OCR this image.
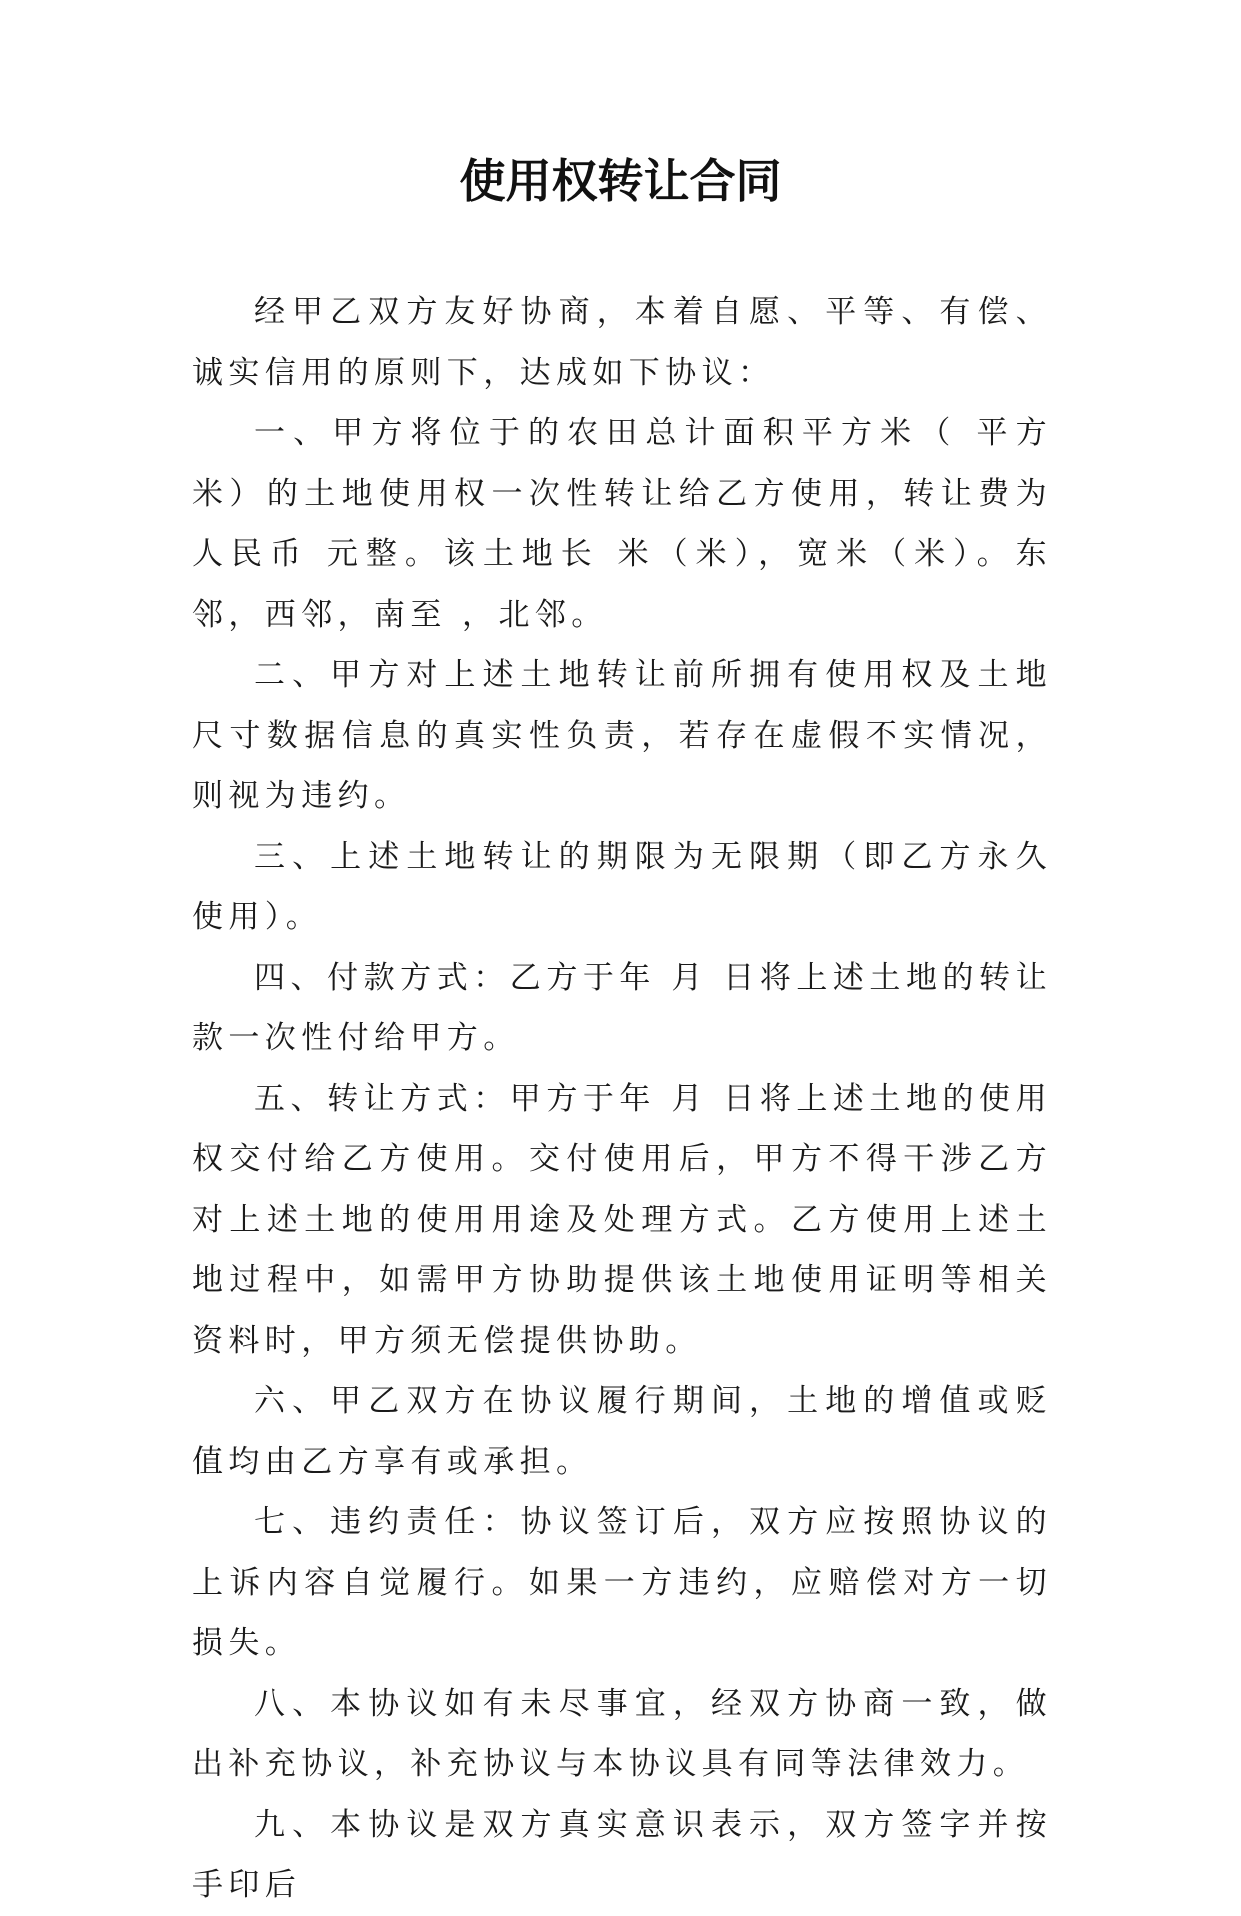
使用权转让合同

经甲乙双方友好协商，本着自愿、平等、有偿、诚实信用的原则下，达成如下协议：

一、甲方将位于的农田总计面积平方米（ 平方米）的土地使用权一次性转让给乙方使用，转让费为人民币 元整。该土地长 米（米），宽米（米）。东邻，西邻，南至 ，北邻。

二、甲方对上述土地转让前所拥有使用权及土地尺寸数据信息的真实性负责，若存在虚假不实情况，则视为违约。

三、上述土地转让的期限为无限期（即乙方永久使用）。

四、付款方式：乙方于年 月 日将上述土地的转让款一次性付给甲方。

五、转让方式：甲方于年 月 日将上述土地的使用权交付给乙方使用。交付使用后，甲方不得干涉乙方对上述土地的使用用途及处理方式。乙方使用上述土地过程中，如需甲方协助提供该土地使用证明等相关资料时，甲方须无偿提供协助。

六、甲乙双方在协议履行期间，土地的增值或贬值均由乙方享有或承担。

七、违约责任：协议签订后，双方应按照协议的上诉内容自觉履行。如果一方违约，应赔偿对方一切损失。

八、本协议如有未尽事宜，经双方协商一致，做出补充协议，补充协议与本协议具有同等法律效力。

九、本协议是双方真实意识表示，双方签字并按手印后
